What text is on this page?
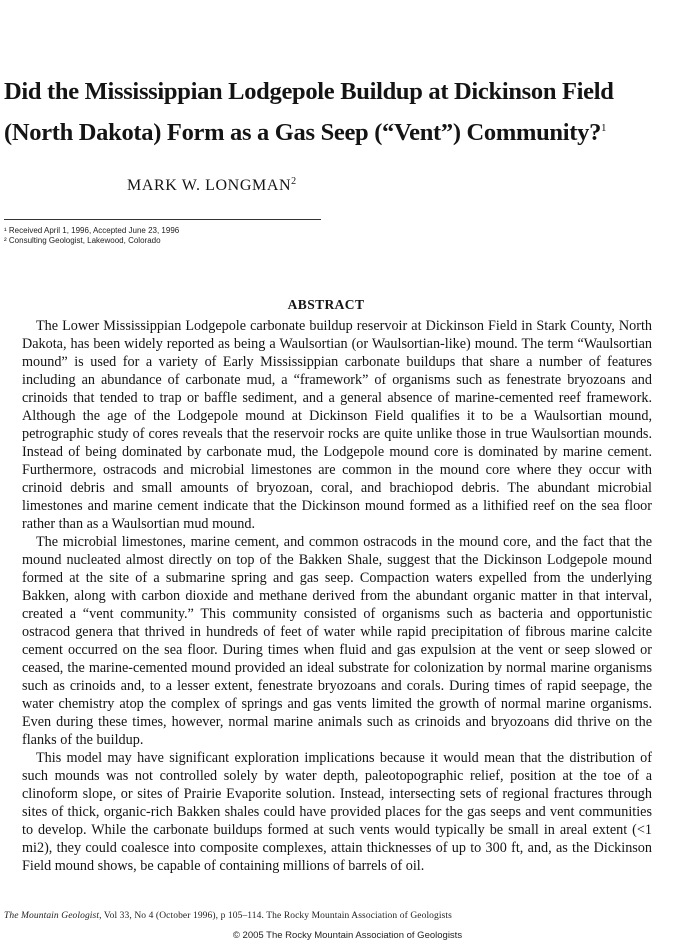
Did the Mississippian Lodgepole Buildup at Dickinson Field (North Dakota) Form as a Gas Seep (“Vent”) Community?$^1$
MARK W. LONGMAN$^2$
¹ Received April 1, 1996, Accepted June 23, 1996
² Consulting Geologist, Lakewood, Colorado
ABSTRACT

The Lower Mississippian Lodgepole carbonate buildup reservoir at Dickinson Field in Stark County, North Dakota, has been widely reported as being a Waulsortian (or Waulsortian-like) mound. The term “Waulsortian mound” is used for a variety of Early Mississippian carbonate buildups that share a number of features including an abundance of carbonate mud, a “framework” of organisms such as fenestrate bryozoans and crinoids that tended to trap or baffle sediment, and a general absence of marine-cemented reef framework. Although the age of the Lodgepole mound at Dickinson Field qualifies it to be a Waulsortian mound, petrographic study of cores reveals that the reservoir rocks are quite unlike those in true Waulsortian mounds. Instead of being dominated by carbonate mud, the Lodgepole mound core is dominated by marine cement. Furthermore, ostracods and microbial limestones are common in the mound core where they occur with crinoid debris and small amounts of bryozoan, coral, and brachiopod debris. The abundant microbial limestones and marine cement indicate that the Dickinson mound formed as a lithified reef on the sea floor rather than as a Waulsortian mud mound.

The microbial limestones, marine cement, and common ostracods in the mound core, and the fact that the mound nucleated almost directly on top of the Bakken Shale, suggest that the Dickinson Lodgepole mound formed at the site of a submarine spring and gas seep. Compaction waters expelled from the underlying Bakken, along with carbon dioxide and methane derived from the abundant organic matter in that interval, created a “vent community.” This community consisted of organisms such as bacteria and opportunistic ostracod genera that thrived in hundreds of feet of water while rapid precipitation of fibrous marine calcite cement occurred on the sea floor. During times when fluid and gas expulsion at the vent or seep slowed or ceased, the marine-cemented mound provided an ideal substrate for colonization by normal marine organisms such as crinoids and, to a lesser extent, fenestrate bryozoans and corals. During times of rapid seepage, the water chemistry atop the complex of springs and gas vents limited the growth of normal marine organisms. Even during these times, however, normal marine animals such as crinoids and bryozoans did thrive on the flanks of the buildup.

This model may have significant exploration implications because it would mean that the distribution of such mounds was not controlled solely by water depth, paleotopographic relief, position at the toe of a clinoform slope, or sites of Prairie Evaporite solution. Instead, intersecting sets of regional fractures through sites of thick, organic-rich Bakken shales could have provided places for the gas seeps and vent communities to develop. While the carbonate buildups formed at such vents would typically be small in areal extent (<1 mi2), they could coalesce into composite complexes, attain thicknesses of up to 300 ft, and, as the Dickinson Field mound shows, be capable of containing millions of barrels of oil.

The Mountain Geologist, Vol 33, No 4 (October 1996), p 105–114. The Rocky Mountain Association of Geologists
© 2005 The Rocky Mountain Association of Geologists
